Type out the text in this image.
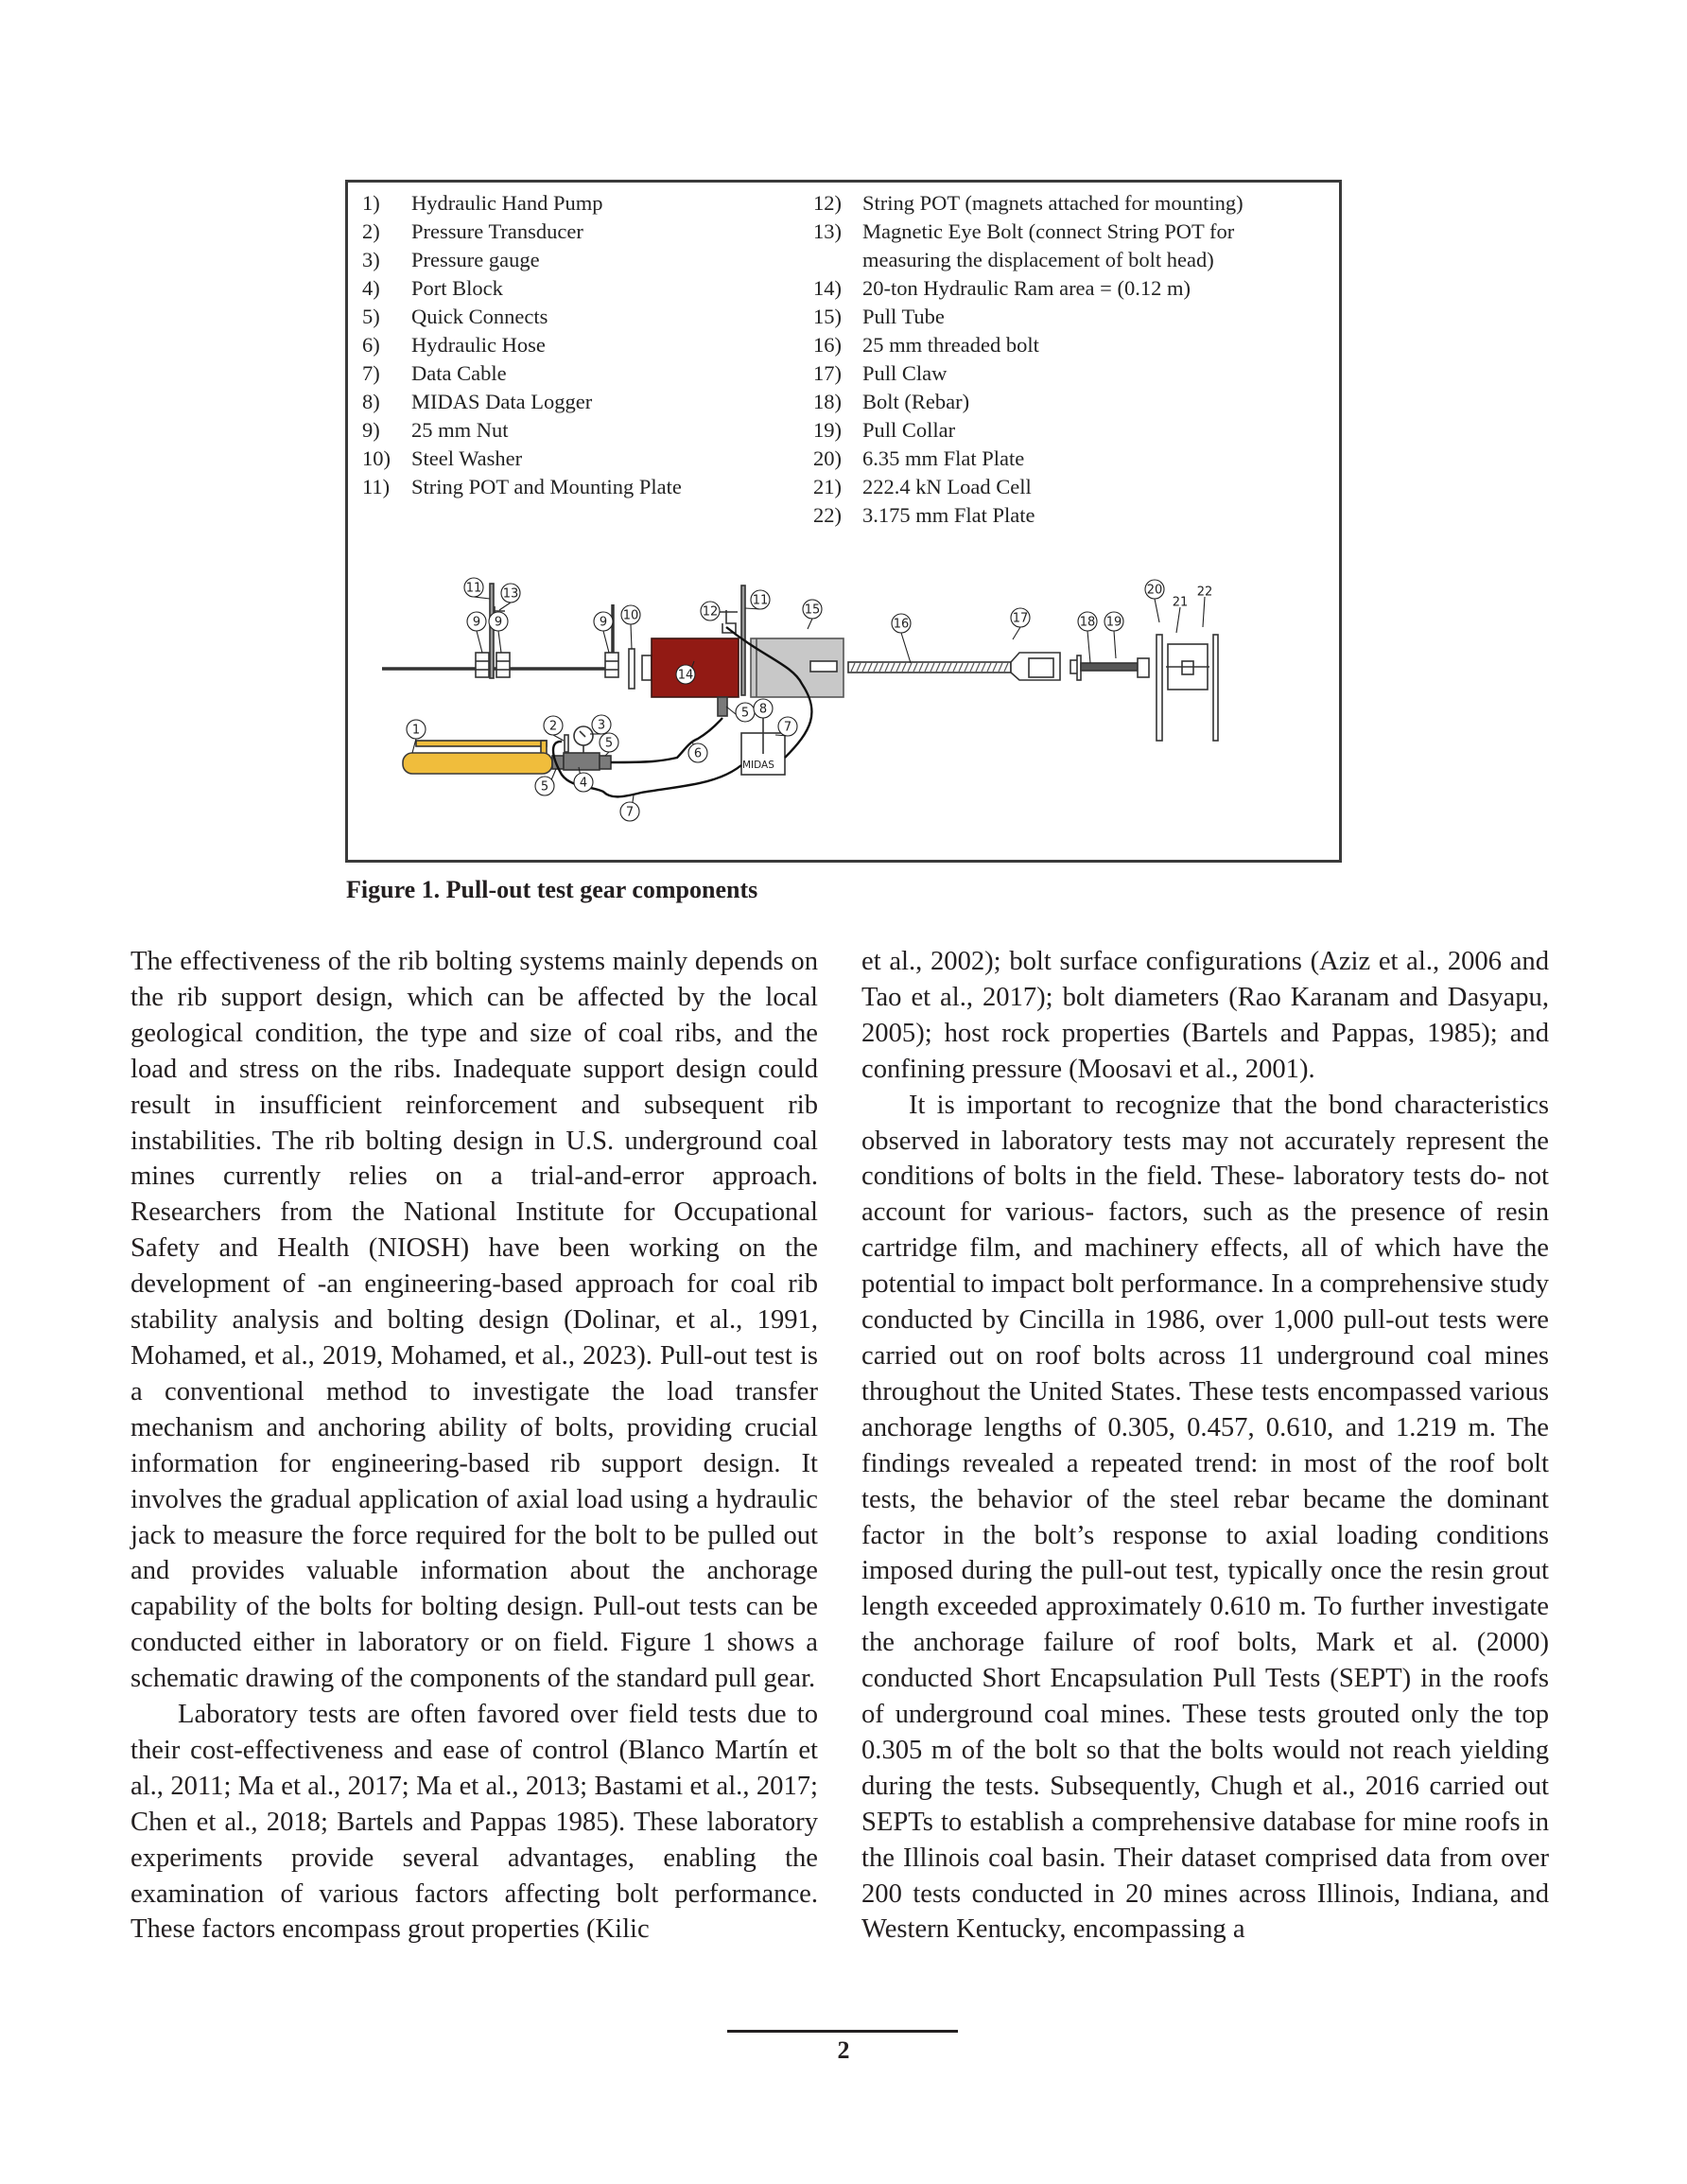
1)	Hydraulic Hand Pump
2)	Pressure Transducer
3)	Pressure gauge
4)	Port Block
5)	Quick Connects
6)	Hydraulic Hose
7)	Data Cable
8)	MIDAS Data Logger
9)	25 mm Nut
10) Steel Washer
11)	String POT and Mounting Plate
12) String POT (magnets attached for mounting)
13) Magnetic Eye Bolt (connect String POT for
measuring the displacement of bolt head)
14) 20-ton Hydraulic Ram area = (0.12 m)
15) Pull Tube
16) 25 mm threaded bolt
17) Pull Claw
18) Bolt (Rebar)
19) Pull Collar
20) 6.35 mm Flat Plate
21) 222.4 kN Load Cell
22) 3.175 mm Flat Plate
MIDAS
1	2	3
4
5
5
5
6
7
7
8
9 9	9 10
11
11
12
13
14
15
16	17	18 19
20
21
22
Figure 1. Pull-out test gear components

The effectiveness of the rib bolting systems mainly depends on the rib support design, which can be affected by the local geological condition, the type and size of coal ribs, and the load and stress on the ribs. Inadequate support design could result in insufficient reinforcement and subsequent rib instabilities. The rib bolting design in U.S. underground coal mines currently relies on a trial-and-error approach. Researchers from the National Institute for Occupational Safety and Health (NIOSH) have been working on the development of -an engineering-based approach for coal rib stability analysis and bolting design (Dolinar, et al., 1991, Mohamed, et al., 2019, Mohamed, et al., 2023). Pull-out test is a conventional method to investigate the load transfer mechanism and anchoring ability of bolts, providing crucial information for engineering-based rib support design. It involves the gradual application of axial load using a hydraulic jack to measure the force required for the bolt to be pulled out and provides valuable information about the anchorage capability of the bolts for bolting design. Pull-out tests can be conducted either in laboratory or on field. Figure 1 shows a schematic drawing of the components of the standard pull gear.

Laboratory tests are often favored over field tests due to their cost-effectiveness and ease of control (Blanco Martín et al., 2011; Ma et al., 2017; Ma et al., 2013; Bastami et al., 2017; Chen et al., 2018; Bartels and Pappas 1985). These laboratory experiments provide several advantages, enabling the examination of various factors affecting bolt performance. These factors encompass grout properties (Kilic

et al., 2002); bolt surface configurations (Aziz et al., 2006 and Tao et al., 2017); bolt diameters (Rao Karanam and Dasyapu, 2005); host rock properties (Bartels and Pappas, 1985); and confining pressure (Moosavi et al., 2001).

It is important to recognize that the bond characteristics observed in laboratory tests may not accurately represent the conditions of bolts in the field. These- laboratory tests do- not account for various- factors, such as the presence of resin cartridge film, and machinery effects, all of which have the potential to impact bolt performance. In a comprehensive study conducted by Cincilla in 1986, over 1,000 pull-out tests were carried out on roof bolts across 11 underground coal mines throughout the United States. These tests encompassed various anchorage lengths of 0.305, 0.457, 0.610, and 1.219 m. The findings revealed a repeated trend: in most of the roof bolt tests, the behavior of the steel rebar became the dominant factor in the bolt’s response to axial loading conditions imposed during the pull-out test, typically once the resin grout length exceeded approximately 0.610 m. To further investigate the anchorage failure of roof bolts, Mark et al. (2000) conducted Short Encapsulation Pull Tests (SEPT) in the roofs of underground coal mines. These tests grouted only the top 0.305 m of the bolt so that the bolts would not reach yielding during the tests. Subsequently, Chugh et al., 2016 carried out SEPTs to establish a comprehensive database for mine roofs in the Illinois coal basin. Their dataset comprised data from over 200 tests conducted in 20 mines across Illinois, Indiana, and Western Kentucky, encompassing a

2
